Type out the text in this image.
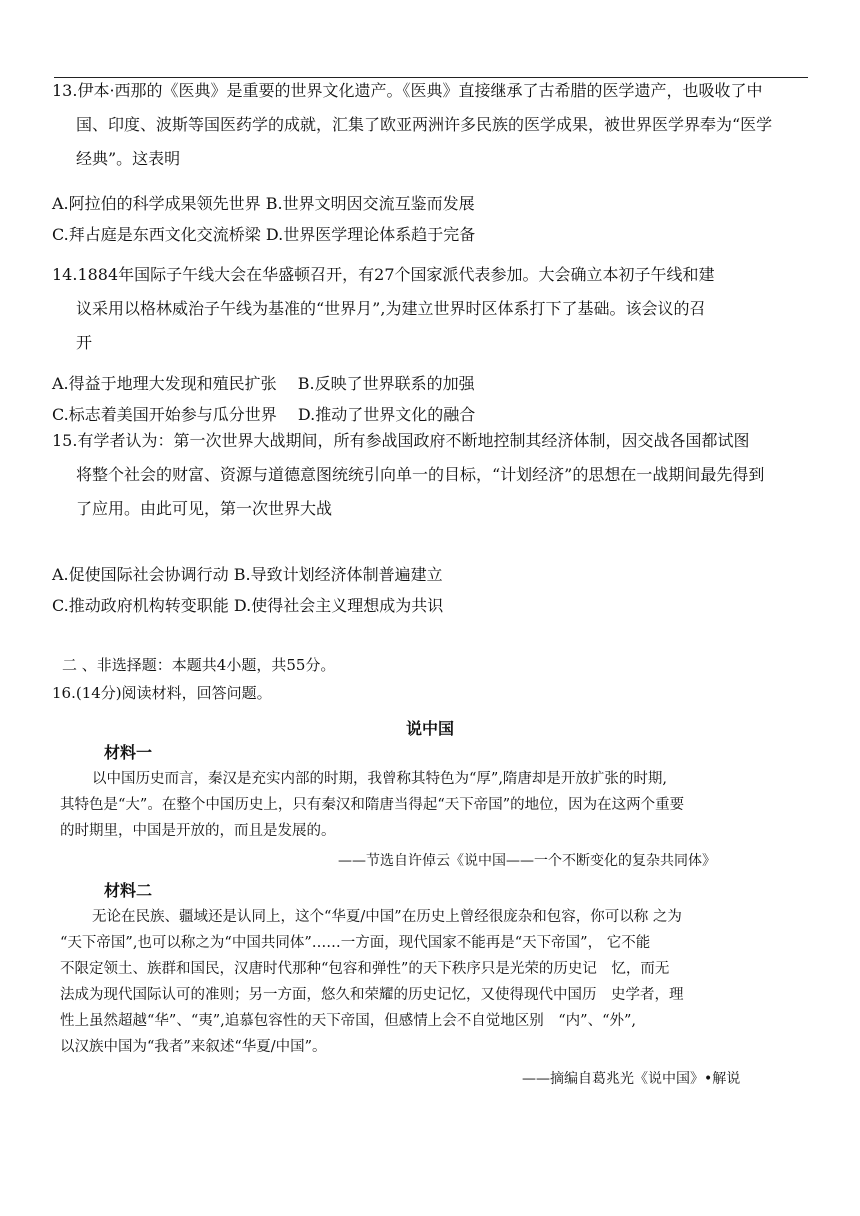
13.伊本·西那的《医典》是重要的世界文化遗产。《医典》直接继承了古希腊的医学遗产，也吸收了中
国、印度、波斯等国医药学的成就，汇集了欧亚两洲许多民族的医学成果，被世界医学界奉为“医学
经典”。这表明
A.阿拉伯的科学成果领先世界 B.世界文明因交流互鉴而发展
C.拜占庭是东西文化交流桥梁 D.世界医学理论体系趋于完备
14.1884年国际子午线大会在华盛顿召开，有27个国家派代表参加。大会确立本初子午线和建
议采用以格林威治子午线为基准的“世界月”,为建立世界时区体系打下了基础。该会议的召
开
A.得益于地理大发现和殖民扩张　 B.反映了世界联系的加强
C.标志着美国开始参与瓜分世界　 D.推动了世界文化的融合
15.有学者认为：第一次世界大战期间，所有参战国政府不断地控制其经济体制，因交战各国都试图
将整个社会的财富、资源与道德意图统统引向单一的目标，“计划经济”的思想在一战期间最先得到
了应用。由此可见，第一次世界大战
A.促使国际社会协调行动 B.导致计划经济体制普遍建立
C.推动政府机构转变职能 D.使得社会主义理想成为共识
二 、非选择题：本题共4小题，共55分。
16.(14分)阅读材料，回答问题。
说中国
材料一
以中国历史而言，秦汉是充实内部的时期，我曾称其特色为“厚”,隋唐却是开放扩张的时期,
其特色是“大”。在整个中国历史上，只有秦汉和隋唐当得起“天下帝国”的地位，因为在这两个重要
的时期里，中国是开放的，而且是发展的。
——节选自许倬云《说中国——一个不断变化的复杂共同体》
材料二
无论在民族、疆域还是认同上，这个“华夏/中国”在历史上曾经很庞杂和包容，你可以称 之为
“天下帝国”,也可以称之为“中国共同体”……一方面，现代国家不能再是“天下帝国”， 它不能
不限定领土、族群和国民，汉唐时代那种“包容和弹性”的天下秩序只是光荣的历史记　忆，而无
法成为现代国际认可的准则；另一方面，悠久和荣耀的历史记忆，又使得现代中国历　史学者，理
性上虽然超越“华”、“夷”,追慕包容性的天下帝国，但感情上会不自觉地区别　“内”、“外”,
以汉族中国为“我者”来叙述“华夏/中国”。
——摘编自葛兆光《说中国》•解说
